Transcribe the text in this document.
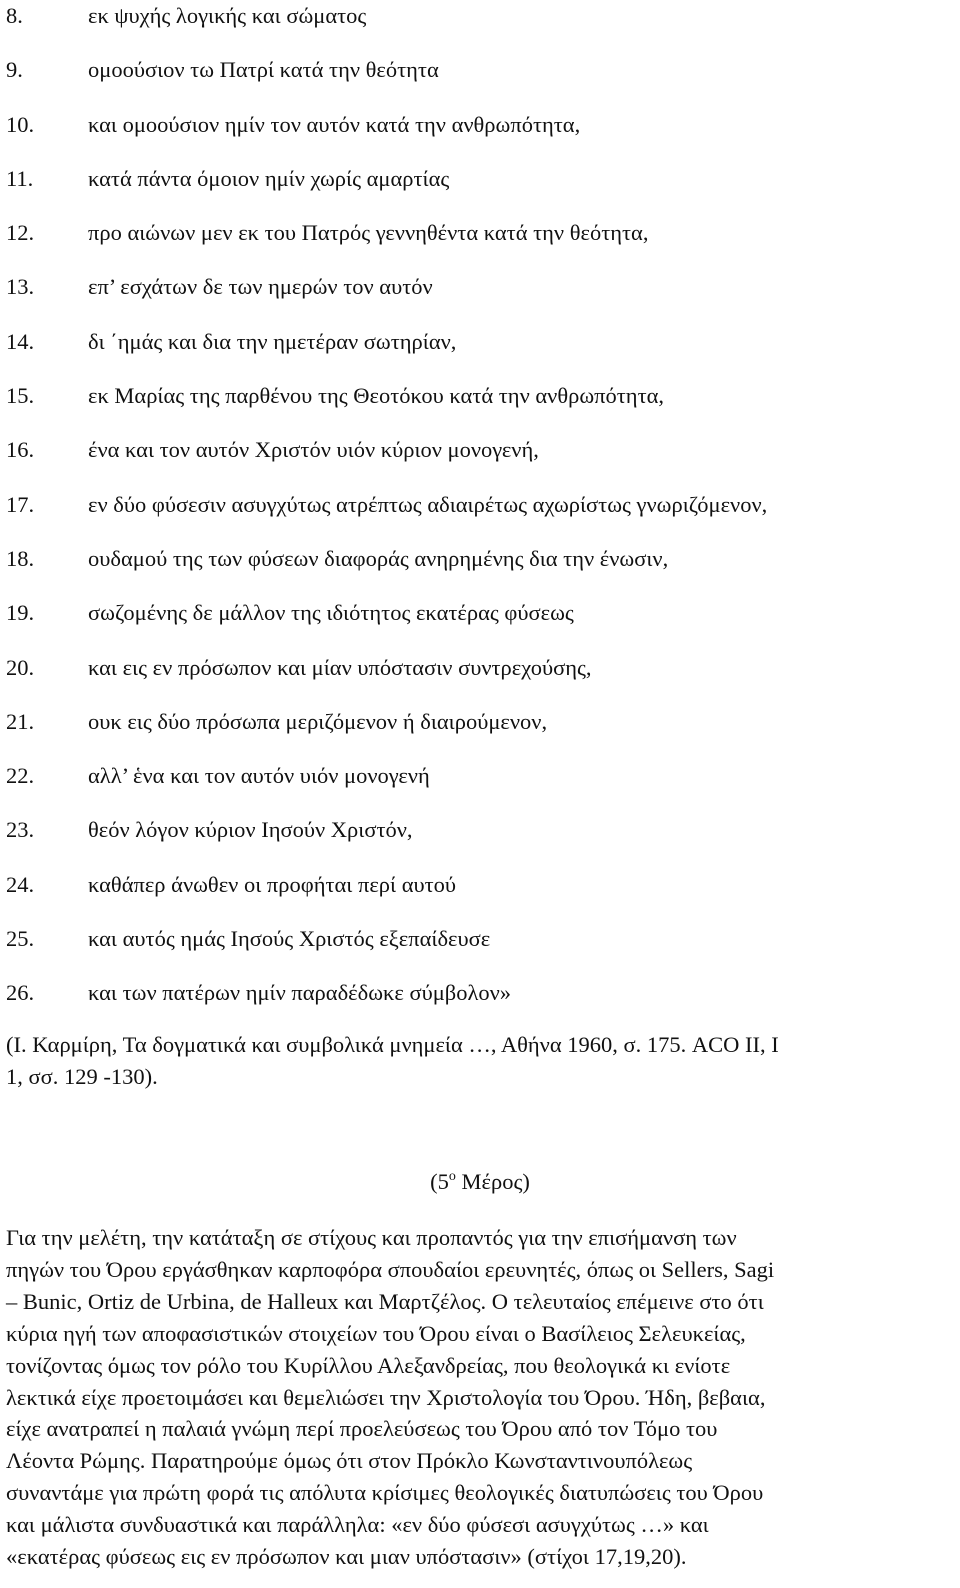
8.	εκ ψυχής λογικής και σώματος
9.	ομοούσιον τω Πατρί κατά την θεότητα
10.	και ομοούσιον ημίν τον αυτόν κατά την ανθρωπότητα,
11.	κατά πάντα όμοιον ημίν χωρίς αμαρτίας
12.	προ αιώνων μεν εκ του Πατρός γεννηθέντα κατά την θεότητα,
13.	επ’ εσχάτων δε των ημερών τον αυτόν
14.	δι ΄ημάς και δια την ημετέραν σωτηρίαν,
15.	εκ Μαρίας της παρθένου της Θεοτόκου κατά την ανθρωπότητα,
16.	ένα και τον αυτόν Χριστόν υιόν κύριον μονογενή,
17.	εν δύο φύσεσιν ασυγχύτως ατρέπτως αδιαιρέτως αχωρίστως γνωριζόμενον,
18.	ουδαμού της των φύσεων διαφοράς ανηρημένης δια την ένωσιν,
19.	σωζομένης δε μάλλον της ιδιότητος εκατέρας φύσεως
20.	και εις εν πρόσωπον και μίαν υπόστασιν συντρεχούσης,
21.	ουκ εις δύο πρόσωπα μεριζόμενον ή διαιρούμενον,
22.	αλλ’ ἑνα και τον αυτόν υιόν μονογενή
23.	θεόν λόγον κύριον Ιησούν Χριστόν,
24.	καθάπερ άνωθεν οι προφήται περί αυτού
25.	και αυτός ημάς Ιησούς Χριστός εξεπαίδευσε
26.	και των πατέρων ημίν παραδέδωκε σύμβολον»

(Ι. Καρμίρη, Τα δογματικά και συμβολικά μνημεία …, Αθήνα 1960, σ. 175. ACO II, I
1, σσ. 129 -130).

($5^o$ Μέρος)

Για την μελέτη, την κατάταξη σε στίχους και προπαντός για την επισήμανση των
πηγών του Όρου εργάσθηκαν καρποφόρα σπουδαίοι ερευνητές, όπως οι Sellers, Sagi
– Bunic, Ortiz de Urbina, de Halleux και Μαρτζέλος. Ο τελευταίος επέμεινε στο ότι
κύρια ηγή των αποφασιστικών στοιχείων του Όρου είναι ο Βασίλειος Σελευκείας,
τονίζοντας όμως τον ρόλο του Κυρίλλου Αλεξανδρείας, που θεολογικά κι ενίοτε
λεκτικά είχε προετοιμάσει και θεμελιώσει την Χριστολογία του Όρου. Ήδη, βεβαια,
είχε ανατραπεί η παλαιά γνώμη περί προελεύσεως του Όρου από τον Τόμο του
Λέοντα Ρώμης. Παρατηρούμε όμως ότι στον Πρόκλο Κωνσταντινουπόλεως
συναντάμε για πρώτη φορά τις απόλυτα κρίσιμες θεολογικές διατυπώσεις του Όρου
και μάλιστα συνδυαστικά και παράλληλα: «εν δύο φύσεσι ασυγχύτως …» και
«εκατέρας φύσεως εις εν πρόσωπον και μιαν υπόστασιν» (στίχοι 17,19,20).
